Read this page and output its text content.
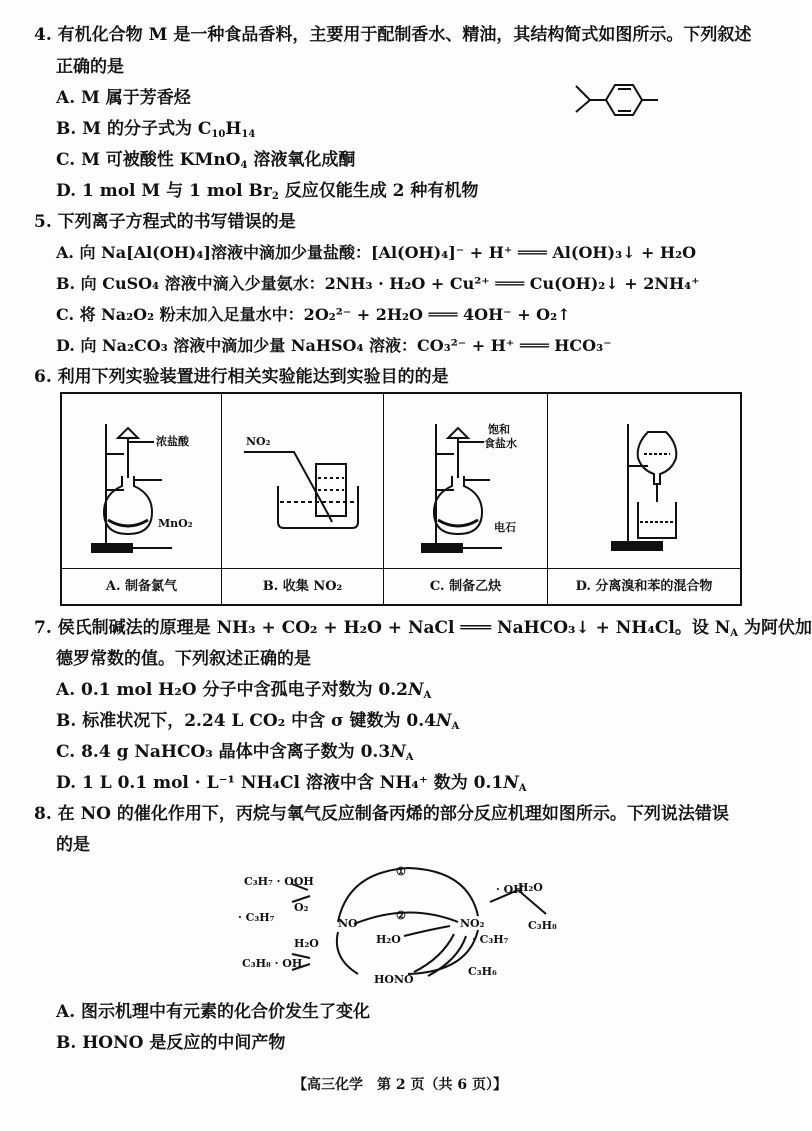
4. 有机化合物 M 是一种食品香料，主要用于配制香水、精油，其结构简式如图所示。下列叙述
正确的是
A. M 属于芳香烃
B. M 的分子式为 $C_{10}H_{14}$
C. M 可被酸性 KMnO$_4$ 溶液氧化成酮
D. 1 mol M 与 1 mol $Br_2$ 反应仅能生成 2 种有机物
5. 下列离子方程式的书写错误的是
A. 向 Na[Al(OH)₄]溶液中滴加少量盐酸：[Al(OH)₄]⁻ + H⁺ ═══ Al(OH)₃↓ + H₂O
B. 向 CuSO₄ 溶液中滴入少量氨水：2NH₃ · H₂O + Cu²⁺ ═══ Cu(OH)₂↓ + 2NH₄⁺
C. 将 Na₂O₂ 粉末加入足量水中：2O₂²⁻ + 2H₂O ═══ 4OH⁻ + O₂↑
D. 向 Na₂CO₃ 溶液中滴加少量 NaHSO₄ 溶液：CO₃²⁻ + H⁺ ═══ HCO₃⁻
6. 利用下列实验装置进行相关实验能达到实验目的的是
浓盐酸
MnO₂
NO₂
饱和
食盐水
电石
A. 制备氯气	B. 收集 NO₂	C. 制备乙炔	D. 分离溴和苯的混合物
7. 侯氏制碱法的原理是 NH₃ + CO₂ + H₂O + NaCl ═══ NaHCO₃↓ + NH₄Cl。设 $N_A$ 为阿伏加
德罗常数的值。下列叙述正确的是
A. 0.1 mol H₂O 分子中含孤电子对数为 $0.2N_A$
B. 标准状况下，2.24 L CO₂ 中含 σ 键数为 $0.4N_A$
C. 8.4 g NaHCO₃ 晶体中含离子数为 $0.3N_A$
D. 1 L 0.1 mol · L⁻¹ NH₄Cl 溶液中含 NH₄⁺ 数为 $0.1N_A$
8. 在 NO 的催化作用下，丙烷与氧气反应制备丙烯的部分反应机理如图所示。下列说法错误
的是
C₃H₇ · OOH
· C₃H₇
O₂
H₂O
C₃H₈ · OH
①
②
NO	NO₂
· OH
H₂O
C₃H₈
H₂O	· C₃H₇
C₃H₆
HONO
A. 图示机理中有元素的化合价发生了变化
B. HONO 是反应的中间产物
【高三化学　第 2 页（共 6 页）】
